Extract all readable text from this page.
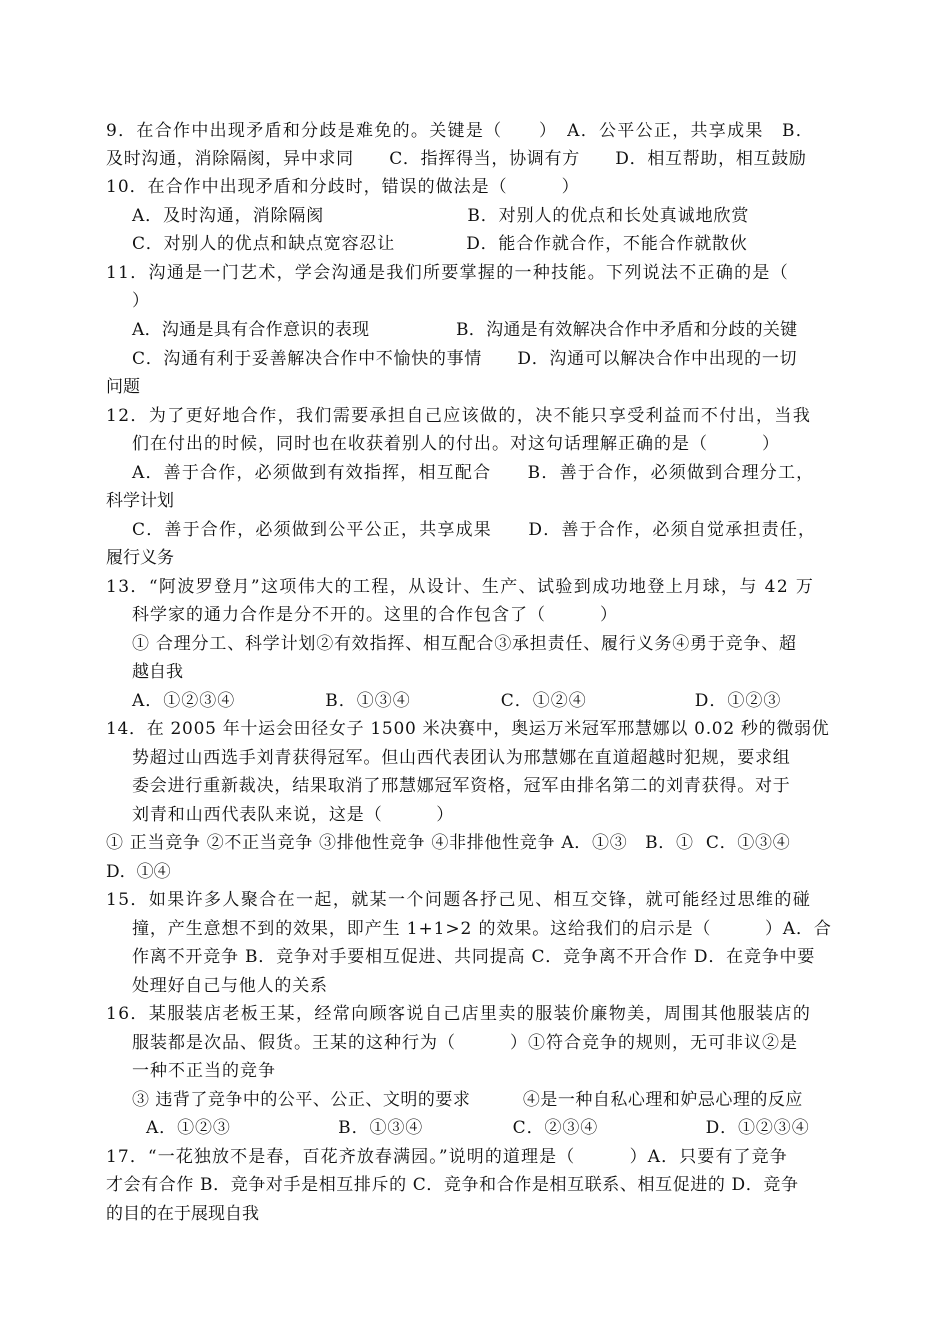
9．在合作中出现矛盾和分歧是难免的。关键是（　　）　A．公平公正，共享成果　B．
及时沟通，消除隔阂，异中求同　　C．指挥得当，协调有方　　D．相互帮助，相互鼓励
10．在合作中出现矛盾和分歧时，错误的做法是（　　　）
A．及时沟通，消除隔阂　　　　　　　　B．对别人的优点和长处真诚地欣赏
C．对别人的优点和缺点宽容忍让　　　　D．能合作就合作，不能合作就散伙
11．沟通是一门艺术，学会沟通是我们所要掌握的一种技能。下列说法不正确的是（
）
A．沟通是具有合作意识的表现　　　　　B．沟通是有效解决合作中矛盾和分歧的关键
C．沟通有利于妥善解决合作中不愉快的事情　　D．沟通可以解决合作中出现的一切
问题
12．为了更好地合作，我们需要承担自己应该做的，决不能只享受利益而不付出，当我
们在付出的时候，同时也在收获着别人的付出。对这句话理解正确的是（　　　）
A．善于合作，必须做到有效指挥，相互配合　　B．善于合作，必须做到合理分工，
科学计划
C．善于合作，必须做到公平公正，共享成果　　D．善于合作，必须自觉承担责任，
履行义务
13．“阿波罗登月”这项伟大的工程，从设计、生产、试验到成功地登上月球，与 42 万
科学家的通力合作是分不开的。这里的合作包含了（　　　）
① 合理分工、科学计划②有效指挥、相互配合③承担责任、履行义务④勇于竞争、超
越自我
A．①②③④　　　　　B．①③④　　　　　C．①②④　　　　　　D．①②③
14．在 2005 年十运会田径女子 1500 米决赛中，奥运万米冠军邢慧娜以 0.02 秒的微弱优
势超过山西选手刘青获得冠军。但山西代表团认为邢慧娜在直道超越时犯规，要求组
委会进行重新裁决，结果取消了邢慧娜冠军资格，冠军由排名第二的刘青获得。对于
刘青和山西代表队来说，这是（　　　）
① 正当竞争 ②不正当竞争 ③排他性竞争 ④非排他性竞争 A．①③　B．①  C．①③④
D．①④
15．如果许多人聚合在一起，就某一个问题各抒己见、相互交锋，就可能经过思维的碰
撞，产生意想不到的效果，即产生 1+1>2 的效果。这给我们的启示是（　　　）A．合
作离不开竞争 B．竞争对手要相互促进、共同提高 C．竞争离不开合作 D．在竞争中要
处理好自己与他人的关系
16．某服装店老板王某，经常向顾客说自己店里卖的服装价廉物美，周围其他服装店的
服装都是次品、假货。王某的这种行为（　　　）①符合竞争的规则，无可非议②是
一种不正当的竞争
③ 违背了竞争中的公平、公正、文明的要求　　　④是一种自私心理和妒忌心理的反应
A．①②③　　　　　　B．①③④　　　　　C．②③④　　　　　　D．①②③④
17．“一花独放不是春，百花齐放春满园。”说明的道理是（　　　）A．只要有了竞争
才会有合作 B．竞争对手是相互排斥的 C．竞争和合作是相互联系、相互促进的 D．竞争
的目的在于展现自我
